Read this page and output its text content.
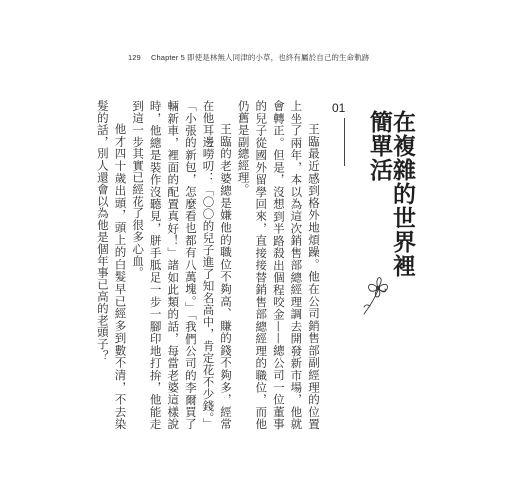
129 Chapter 5 即使是林無人同津的小草，也終有屬於自己的生命軌跡
01
在複雜的世界裡簡單活

王臨最近感到格外地煩躁。他在公司銷售部副經理的位置上坐了兩年，本以為這次銷售部總經理調去開發新市場，他就會轉正。但是，沒想到半路殺出個程咬金——總公司一位董事的兒子從國外留學回來，直接接替銷售部總經理的職位，而他仍舊是副總經理。

王臨的老婆總是嫌他的職位不夠高、賺的錢不夠多，經常在他耳邊嘮叨：「〇〇的兒子進了知名高中，肯定花不少錢。」「小張的新包，怎麼看也都有八萬塊。」「我們公司的李爾買了輛新車，裡面的配置真好！」諸如此類的話，每當老婆這樣說時，他總是裝作沒聽見，胼手胝足一步一腳印地打拚，他能走到這一步其實已經花了很多心血。

他才四十歲出頭，頭上的白髮早已經多到數不清，不去染髮的話，別人還會以為他是個年事已高的老頭子？
